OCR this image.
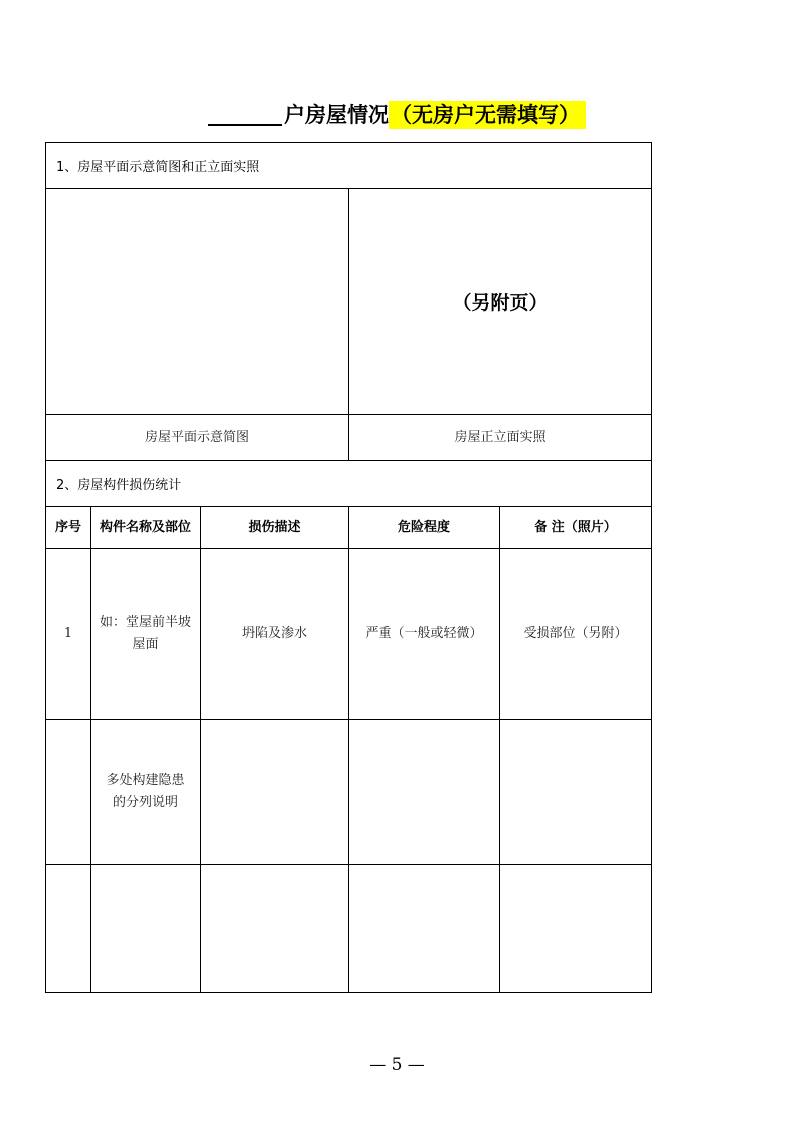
户房屋情况（无房户无需填写）
1、房屋平面示意简图和正立面实照				
			（另附页）	
房屋平面示意简图			房屋正立面实照	
2、房屋构件损伤统计				
序号	构件名称及部位	损伤描述	危险程度	备 注（照片）
1	如：堂屋前半坡屋面	坍陷及渗水	严重（一般或轻微）	受损部位（另附）
	多处构建隐患的分列说明			

— 5 —
